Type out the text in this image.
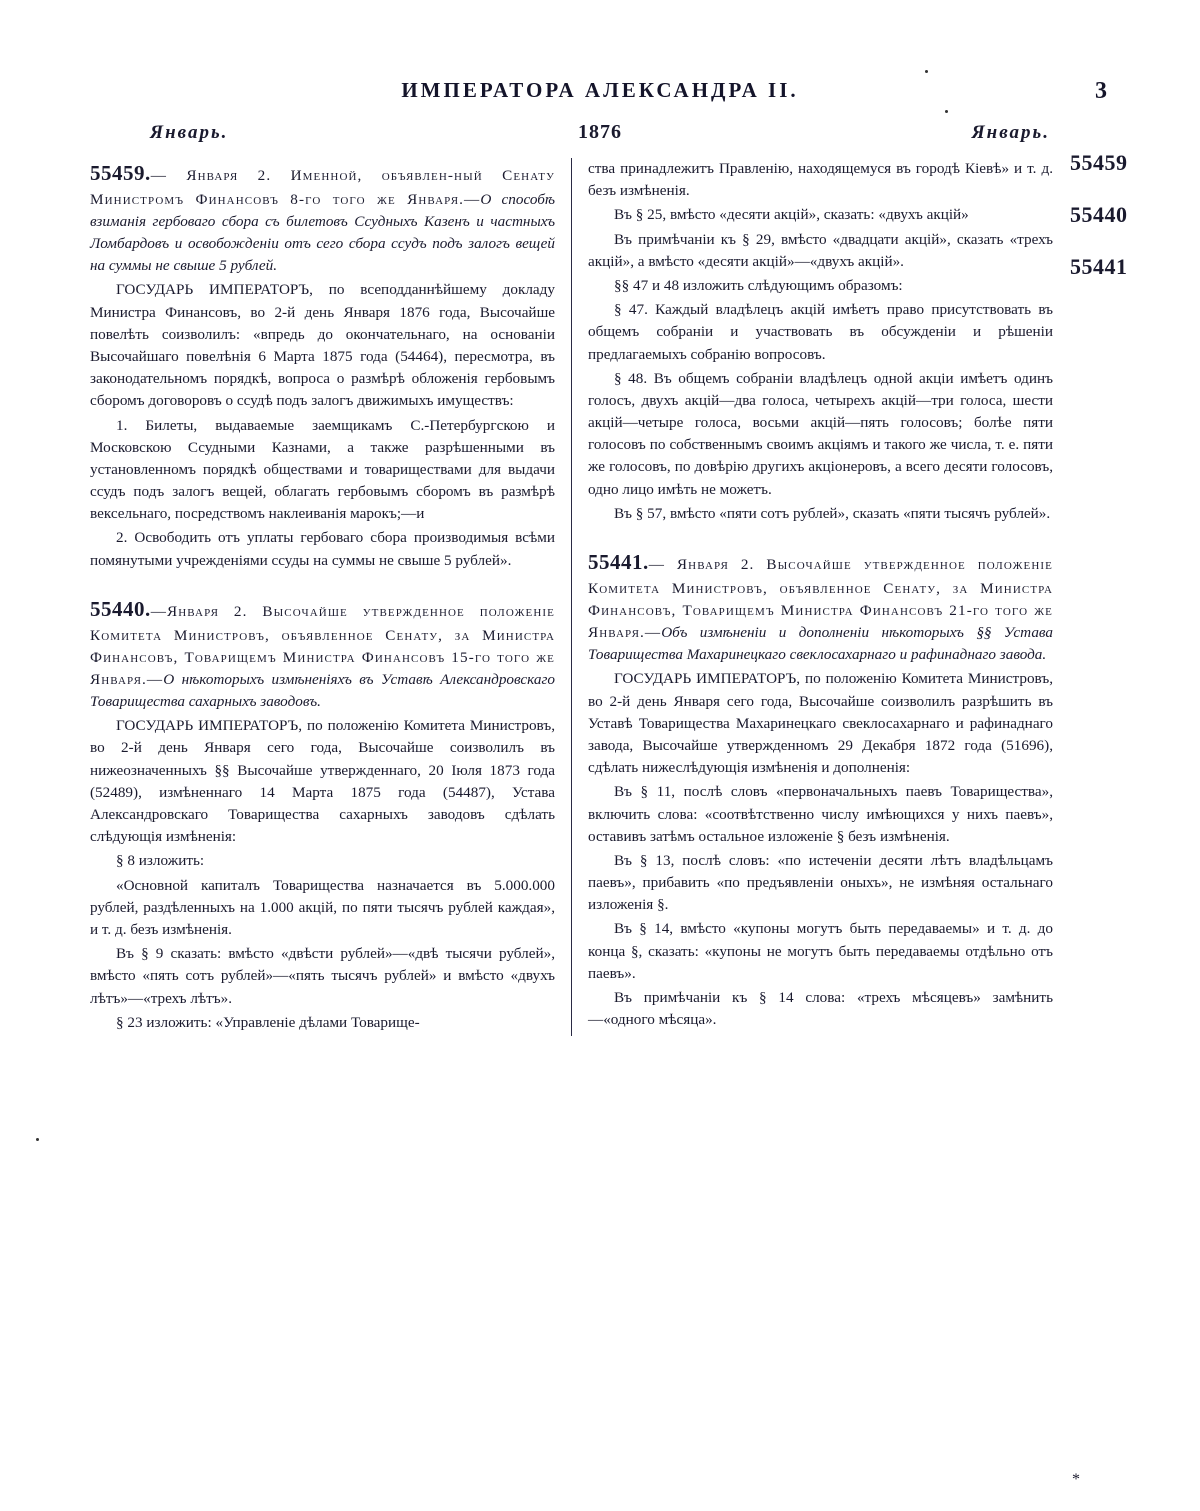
ИМПЕРАТОРА АЛЕКСАНДРА II.	3
Январь.	1876	Январь.

55459.— Января 2. Именной, объявлен-ный Сенату Министромъ Финансовъ 8-го того же Января.—О способѣ взиманія гербоваго сбора съ билетовъ Ссудныхъ Казенъ и частныхъ Ломбардовъ и освобожденіи отъ сего сбора ссудъ подъ залогъ вещей на суммы не свыше 5 рублей.

ГОСУДАРЬ ИМПЕРАТОРЪ, по всеподданнѣйшему докладу Министра Финансовъ, во 2-й день Января 1876 года, Высочайше повелѣть соизволилъ: «впредь до окончательнаго, на основаніи Высочайшаго повелѣнія 6 Марта 1875 года (54464), пересмотра, въ законодательномъ порядкѣ, вопроса о размѣрѣ обложенія гербовымъ сборомъ договоровъ о ссудѣ подъ залогъ движимыхъ имуществъ:

1. Билеты, выдаваемые заемщикамъ С.-Петербургскою и Московскою Ссудными Казнами, а также разрѣшенными въ установленномъ порядкѣ обществами и товариществами для выдачи ссудъ подъ залогъ вещей, облагать гербовымъ сборомъ въ размѣрѣ вексельнаго, посредствомъ наклеиванія марокъ;—и

2. Освободить отъ уплаты гербоваго сбора производимыя всѣми помянутыми учрежденіями ссуды на суммы не свыше 5 рублей».

55440.—Января 2. Высочайше утвержденное положеніе Комитета Министровъ, объявленное Сенату, за Министра Финансовъ, Товарищемъ Министра Финансовъ 15-го того же Января.—О нѣкоторыхъ измѣненіяхъ въ Уставѣ Александровскаго Товарищества сахарныхъ заводовъ.

ГОСУДАРЬ ИМПЕРАТОРЪ, по положенію Комитета Министровъ, во 2-й день Января сего года, Высочайше соизволилъ въ нижеозначенныхъ §§ Высочайше утвержденнаго, 20 Іюля 1873 года (52489), измѣненнаго 14 Марта 1875 года (54487), Устава Александровскаго Товарищества сахарныхъ заводовъ сдѣлать слѣдующія измѣненія:

§ 8 изложить:

«Основной капиталъ Товарищества назначается въ 5.000.000 рублей, раздѣленныхъ на 1.000 акцій, по пяти тысячъ рублей каждая», и т. д. безъ измѣненія.

Въ § 9 сказать: вмѣсто «двѣсти рублей»—«двѣ тысячи рублей», вмѣсто «пять сотъ рублей»—«пять тысячъ рублей» и вмѣсто «двухъ лѣтъ»—«трехъ лѣтъ».

§ 23 изложить: «Управленіе дѣлами Товарище-

ства принадлежитъ Правленію, находящемуся въ городѣ Кіевѣ» и т. д. безъ измѣненія.

Въ § 25, вмѣсто «десяти акцій», сказать: «двухъ акцій»

Въ примѣчаніи къ § 29, вмѣсто «двадцати акцій», сказать «трехъ акцій», а вмѣсто «десяти акцій»—«двухъ акцій».

§§ 47 и 48 изложить слѣдующимъ образомъ:

§ 47. Каждый владѣлецъ акцій имѣетъ право присутствовать въ общемъ собраніи и участвовать въ обсужденіи и рѣшеніи предлагаемыхъ собранію вопросовъ.

§ 48. Въ общемъ собраніи владѣлецъ одной акціи имѣетъ одинъ голосъ, двухъ акцій—два голоса, четырехъ акцій—три голоса, шести акцій—четыре голоса, восьми акцій—пять голосовъ; болѣе пяти голосовъ по собственнымъ своимъ акціямъ и такого же числа, т. е. пяти же голосовъ, по довѣрію другихъ акціонеровъ, а всего десяти голосовъ, одно лицо имѣть не можетъ.

Въ § 57, вмѣсто «пяти сотъ рублей», сказать «пяти тысячъ рублей».

55441.— Января 2. Высочайше утвержденное положеніе Комитета Министровъ, объявленное Сенату, за Министра Финансовъ, Товарищемъ Министра Финансовъ 21-го того же Января.—Объ измѣненіи и дополненіи нѣкоторыхъ §§ Устава Товарищества Махаринецкаго свеклосахарнаго и рафинаднаго завода.

ГОСУДАРЬ ИМПЕРАТОРЪ, по положенію Комитета Министровъ, во 2-й день Января сего года, Высочайше соизволилъ разрѣшить въ Уставѣ Товарищества Махаринецкаго свеклосахарнаго и рафинаднаго завода, Высочайше утвержденномъ 29 Декабря 1872 года (51696), сдѣлать нижеслѣдующія измѣненія и дополненія:

Въ § 11, послѣ словъ «первоначальныхъ паевъ Товарищества», включить слова: «соотвѣтственно числу имѣющихся у нихъ паевъ», оставивъ затѣмъ остальное изложеніе § безъ измѣненія.

Въ § 13, послѣ словъ: «по истеченіи десяти лѣтъ владѣльцамъ паевъ», прибавить «по предъявленіи оныхъ», не измѣняя остальнаго изложенія §.

Въ § 14, вмѣсто «купоны могутъ быть передаваемы» и т. д. до конца §, сказать: «купоны не могутъ быть передаваемы отдѣльно отъ паевъ».

Въ примѣчаніи къ § 14 слова: «трехъ мѣсяцевъ» замѣнить—«одного мѣсяца».

55459
55440
55441
*
